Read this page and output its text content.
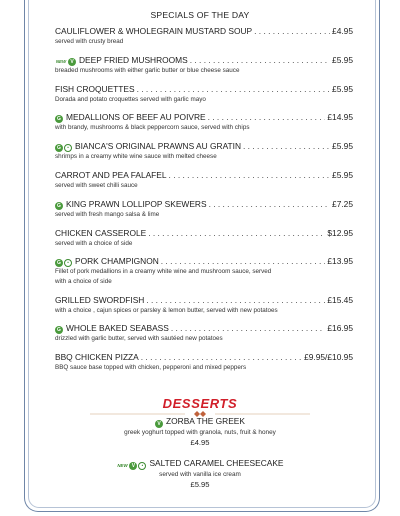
SPECIALS OF THE DAY
CAULIFLOWER & WHOLEGRAIN MUSTARD SOUP . . .	£4.95
served with crusty bread
NEW V DEEP FRIED MUSHROOMS . . .	£5.95
breaded mushrooms with either garlic butter or blue cheese sauce
FISH CROQUETTES . . .	£5.95
Dorada and potato croquettes served with garlic mayo
G MEDALLIONS OF BEEF AU POIVRE . . .	£14.95
with brandy, mushrooms & black peppercorn sauce, served with chips
G	• BIANCA'S ORIGINAL PRAWNS AU GRATIN . . .	£5.95
shrimps in a creamy white wine sauce with melted cheese
CARROT AND PEA FALAFEL . . .	£5.95
served with sweet chilli sauce
G KING PRAWN LOLLIPOP SKEWERS . . .	£7.25
served with fresh mango salsa & lime
CHICKEN CASSEROLE . . .	$12.95
served with a choice of side
G	• PORK CHAMPIGNON . . .	£13.95
Fillet of pork medallions in a creamy white wine and mushroom sauce, served
with a choice of side
GRILLED SWORDFISH . . .	£15.45
with a choice , cajun spices or parsley & lemon butter, served with new potatoes
G WHOLE BAKED SEABASS . . .	£16.95
drizzled with garlic butter, served with sautéed new potatoes
BBQ CHICKEN PIZZA . . .	£9.95/£10.95
BBQ sauce base topped with chicken, pepperoni and mixed peppers
DESSERTS
V ZORBA THE GREEK
greek yoghurt topped with granola, nuts, fruit & honey
£4.95
NEW V	• SALTED CARAMEL CHEESECAKE
served with vanilla ice cream
£5.95
